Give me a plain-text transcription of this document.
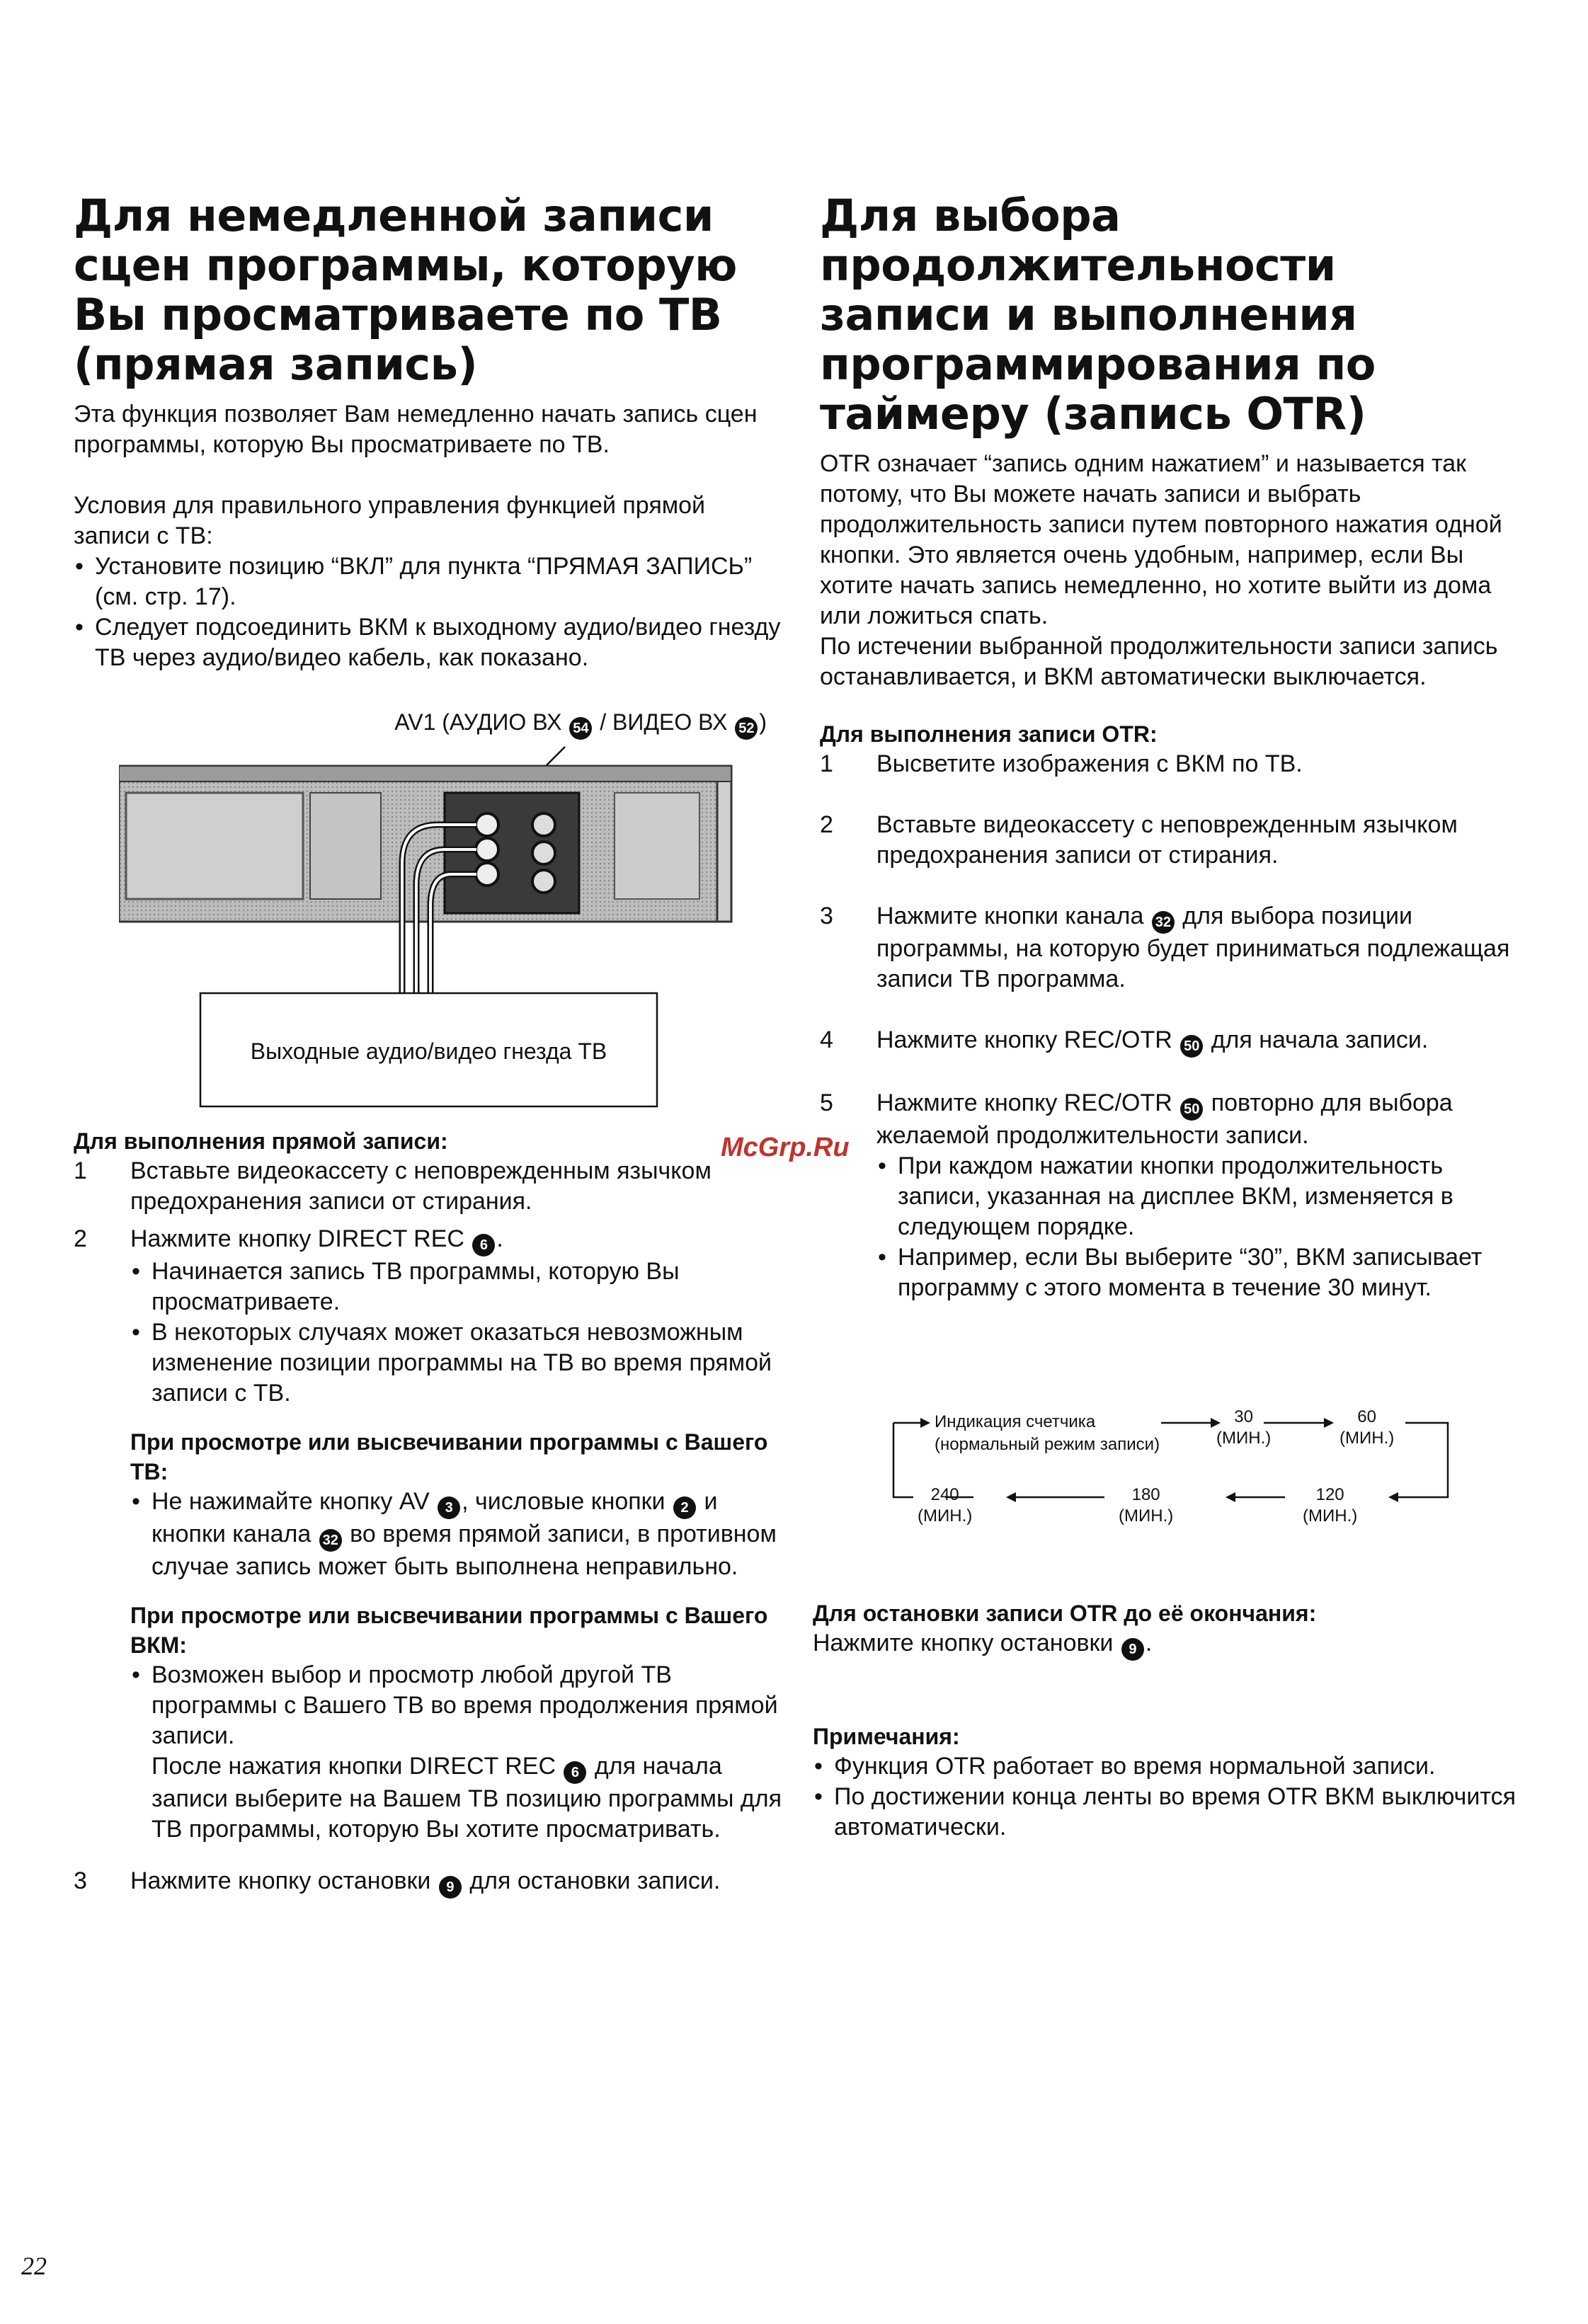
Для немедленной записи сцен программы, которую Вы просматриваете по ТВ (прямая запись)

Эта функция позволяет Вам немедленно начать запись сцен программы, которую Вы просматриваете по ТВ.

Условия для правильного управления функцией прямой записи с ТВ:

• Установите позицию “ВКЛ” для пункта “ПРЯМАЯ ЗАПИСЬ” (см. стр. 17).
• Следует подсоединить ВКМ к выходному аудио/видео гнезду ТВ через аудио/видео кабель, как показано.
Для выполнения прямой записи:
1	Вставьте видеокассету с неповрежденным язычком предохранения записи от стирания.
2	Нажмите кнопку DIRECT REC 6 .
• Начинается запись ТВ программы, которую Вы просматриваете.
• В некоторых случаях может оказаться невозможным изменение позиции программы на ТВ во время прямой записи с ТВ.
При просмотре или высвечивании программы с Вашего ТВ:
• Не нажимайте кнопку AV 3 , числовые кнопки 2 и кнопки канала 32 во время прямой записи, в противном случае запись может быть выполнена неправильно.
При просмотре или высвечивании программы с Вашего ВКМ:
• Возможен выбор и просмотр любой другой ТВ программы с Вашего ТВ во время продолжения прямой записи.
После нажатия кнопки DIRECT REC 6 для начала записи выберите на Вашем ТВ позицию программы для ТВ программы, которую Вы хотите просматривать.
3	Нажмите кнопку остановки 9 для остановки записи.
AV1 (АУДИО ВХ 54 / ВИДЕО ВХ 52 )
Выходные аудио/видео гнезда ТВ
Для выбора продолжительности записи и выполнения программирования по таймеру (запись OTR)

OTR означает “запись одним нажатием” и называется так потому, что Вы можете начать записи и выбрать продолжительность записи путем повторного нажатия одной кнопки. Это является очень удобным, например, если Вы хотите начать запись немедленно, но хотите выйти из дома или ложиться спать.

По истечении выбранной продолжительности записи запись останавливается, и ВКМ автоматически выключается.

Для выполнения записи OTR:
1	Высветите изображения с ВКМ по ТВ.
2	Вставьте видеокассету с неповрежденным язычком предохранения записи от стирания.
3	Нажмите кнопки канала 32 для выбора позиции программы, на которую будет приниматься подлежащая записи ТВ программа.
4	Нажмите кнопку REC/OTR 50 для начала записи.
5	Нажмите кнопку REC/OTR 50 повторно для выбора желаемой продолжительности записи.
• При каждом нажатии кнопки продолжительность записи, указанная на дисплее ВКМ, изменяется в следующем порядке.
• Например, если Вы выберите “30”, ВКМ записывает программу с этого момента в течение 30 минут.
Индикация счетчика
(нормальный режим записи)
30
(МИН.)
60
(МИН.)
120
(МИН.)
180
(МИН.)
240
(МИН.)
Для остановки записи OTR до её окончания:
Нажмите кнопку остановки 9 .
Примечания:
• Функция OTR работает во время нормальной записи.
• По достижении конца ленты во время OTR ВКМ выключится автоматически.
McGrp.Ru
22
